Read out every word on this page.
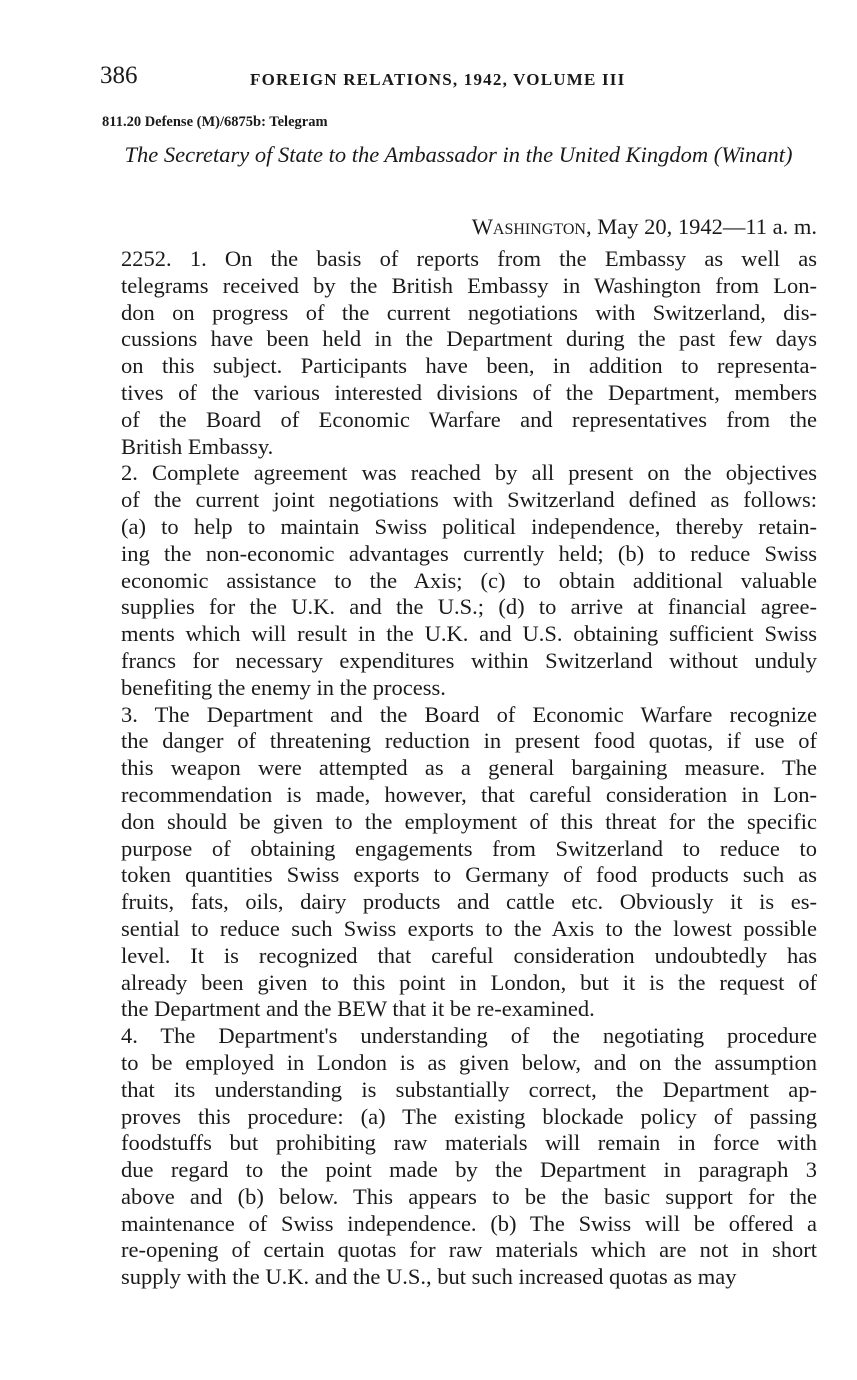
386	FOREIGN RELATIONS, 1942, VOLUME III
811.20 Defense (M)/6875b: Telegram
The Secretary of State to the Ambassador in the United Kingdom (Winant)
Washington, May 20, 1942—11 a. m.

2252. 1. On the basis of reports from the Embassy as well as
telegrams received by the British Embassy in Washington from Lon-
don on progress of the current negotiations with Switzerland, dis-
cussions have been held in the Department during the past few days
on this subject. Participants have been, in addition to representa-
tives of the various interested divisions of the Department, members
of the Board of Economic Warfare and representatives from the
British Embassy.

2. Complete agreement was reached by all present on the objectives
of the current joint negotiations with Switzerland defined as follows:
(a) to help to maintain Swiss political independence, thereby retain-
ing the non-economic advantages currently held; (b) to reduce Swiss
economic assistance to the Axis; (c) to obtain additional valuable
supplies for the U.K. and the U.S.; (d) to arrive at financial agree-
ments which will result in the U.K. and U.S. obtaining sufficient Swiss
francs for necessary expenditures within Switzerland without unduly
benefiting the enemy in the process.

3. The Department and the Board of Economic Warfare recognize
the danger of threatening reduction in present food quotas, if use of
this weapon were attempted as a general bargaining measure. The
recommendation is made, however, that careful consideration in Lon-
don should be given to the employment of this threat for the specific
purpose of obtaining engagements from Switzerland to reduce to
token quantities Swiss exports to Germany of food products such as
fruits, fats, oils, dairy products and cattle etc. Obviously it is es-
sential to reduce such Swiss exports to the Axis to the lowest possible
level. It is recognized that careful consideration undoubtedly has
already been given to this point in London, but it is the request of
the Department and the BEW that it be re-examined.

4. The Department's understanding of the negotiating procedure
to be employed in London is as given below, and on the assumption
that its understanding is substantially correct, the Department ap-
proves this procedure: (a) The existing blockade policy of passing
foodstuffs but prohibiting raw materials will remain in force with
due regard to the point made by the Department in paragraph 3
above and (b) below. This appears to be the basic support for the
maintenance of Swiss independence. (b) The Swiss will be offered a
re-opening of certain quotas for raw materials which are not in short
supply with the U.K. and the U.S., but such increased quotas as may
